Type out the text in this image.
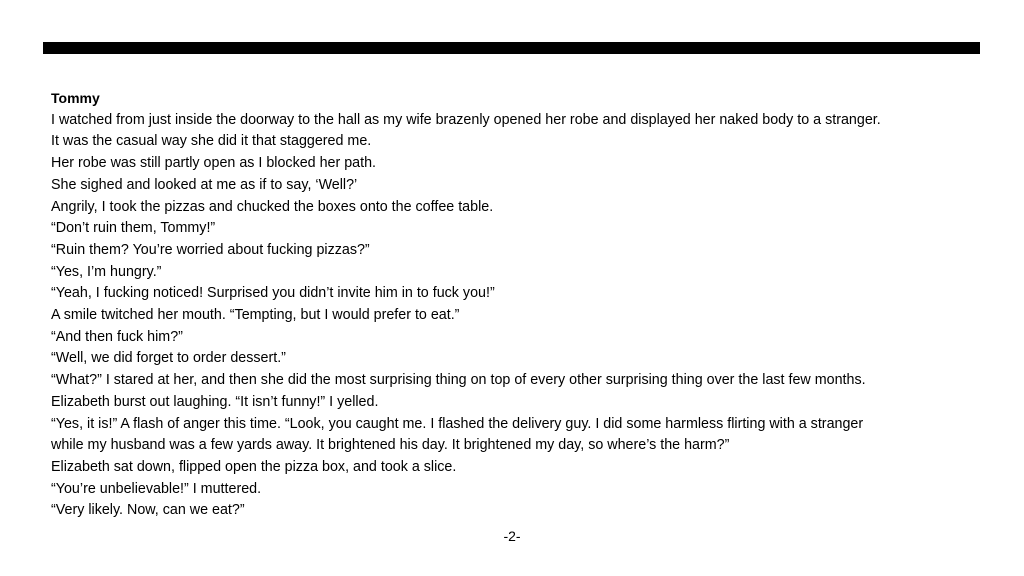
Tommy

I watched from just inside the doorway to the hall as my wife brazenly opened her robe and displayed her naked body to a stranger.

It was the casual way she did it that staggered me.

Her robe was still partly open as I blocked her path.

She sighed and looked at me as if to say, ‘Well?’

Angrily, I took the pizzas and chucked the boxes onto the coffee table.

“Don’t ruin them, Tommy!”

“Ruin them? You’re worried about fucking pizzas?”

“Yes, I’m hungry.”

“Yeah, I fucking noticed! Surprised you didn’t invite him in to fuck you!”

A smile twitched her mouth. “Tempting, but I would prefer to eat.”

“And then fuck him?”

“Well, we did forget to order dessert.”

“What?” I stared at her, and then she did the most surprising thing on top of every other surprising thing over the last few months.

Elizabeth burst out laughing. “It isn’t funny!” I yelled.

“Yes, it is!” A flash of anger this time. “Look, you caught me. I flashed the delivery guy. I did some harmless flirting with a stranger

while my husband was a few yards away. It brightened his day. It brightened my day, so where’s the harm?”

Elizabeth sat down, flipped open the pizza box, and took a slice.

“You’re unbelievable!” I muttered.

“Very likely. Now, can we eat?”

-2-
